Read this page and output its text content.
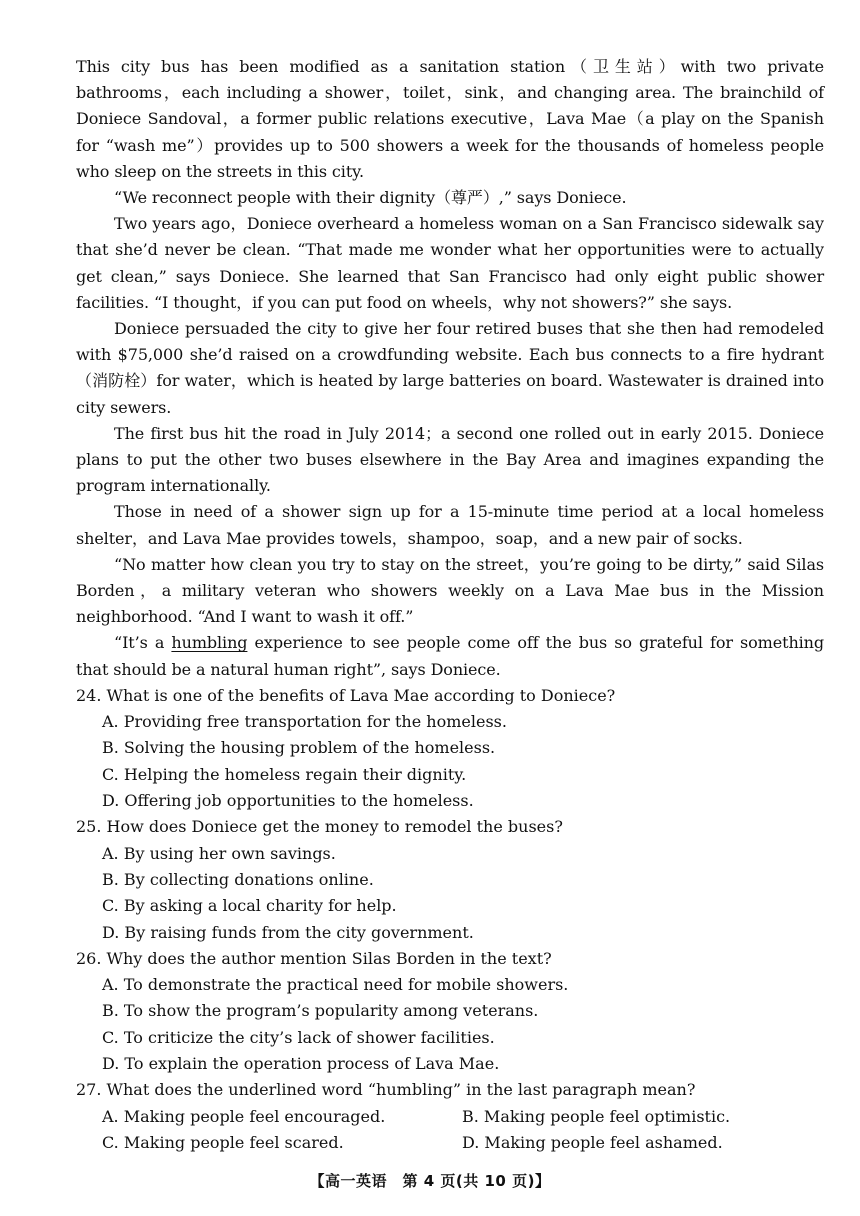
This city bus has been modified as a sanitation station（卫生站）with two private bathrooms，each including a shower，toilet，sink，and changing area. The brainchild of Doniece Sandoval，a former public relations executive，Lava Mae（a play on the Spanish for “wash me”）provides up to 500 showers a week for the thousands of homeless people who sleep on the streets in this city.

“We reconnect people with their dignity（尊严）,” says Doniece.

Two years ago，Doniece overheard a homeless woman on a San Francisco sidewalk say that she’d never be clean. “That made me wonder what her opportunities were to actually get clean,” says Doniece. She learned that San Francisco had only eight public shower facilities. “I thought，if you can put food on wheels，why not showers?” she says.

Doniece persuaded the city to give her four retired buses that she then had remodeled with $75,000 she’d raised on a crowdfunding website. Each bus connects to a fire hydrant（消防栓）for water，which is heated by large batteries on board. Wastewater is drained into city sewers.

The first bus hit the road in July 2014；a second one rolled out in early 2015. Doniece plans to put the other two buses elsewhere in the Bay Area and imagines expanding the program internationally.

Those in need of a shower sign up for a 15-minute time period at a local homeless shelter，and Lava Mae provides towels，shampoo，soap，and a new pair of socks.

“No matter how clean you try to stay on the street，you’re going to be dirty,” said Silas Borden，a military veteran who showers weekly on a Lava Mae bus in the Mission neighborhood. “And I want to wash it off.”

“It’s a humbling experience to see people come off the bus so grateful for something that should be a natural human right”, says Doniece.

24. What is one of the benefits of Lava Mae according to Doniece?

A. Providing free transportation for the homeless.

B. Solving the housing problem of the homeless.

C. Helping the homeless regain their dignity.

D. Offering job opportunities to the homeless.

25. How does Doniece get the money to remodel the buses?

A. By using her own savings.

B. By collecting donations online.

C. By asking a local charity for help.

D. By raising funds from the city government.

26. Why does the author mention Silas Borden in the text?

A. To demonstrate the practical need for mobile showers.

B. To show the program’s popularity among veterans.

C. To criticize the city’s lack of shower facilities.

D. To explain the operation process of Lava Mae.

27. What does the underlined word “humbling” in the last paragraph mean?

A. Making people feel encouraged.	B. Making people feel optimistic.

C. Making people feel scared.	D. Making people feel ashamed.

【高一英语　第 4 页(共 10 页)】
